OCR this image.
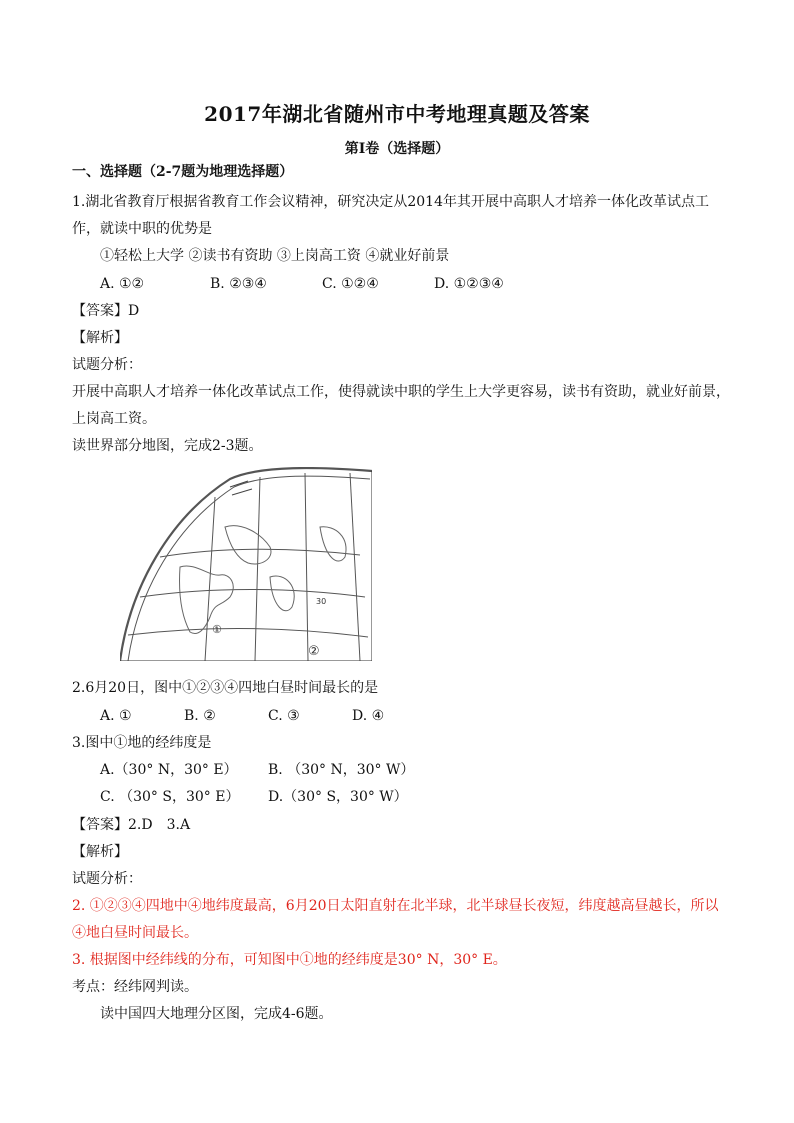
2017年湖北省随州市中考地理真题及答案
第Ⅰ卷（选择题）
一、选择题（2-7题为地理选择题）
1.湖北省教育厅根据省教育工作会议精神，研究决定从2014年其开展中高职人才培养一体化改革试点工
作，就读中职的优势是
①轻松上大学 ②读书有资助 ③上岗高工资 ④就业好前景
A. ①②	B. ②③④	C. ①②④	D. ①②③④
【答案】D
【解析】
试题分析：
开展中高职人才培养一体化改革试点工作，使得就读中职的学生上大学更容易，读书有资助，就业好前景，
上岗高工资。
读世界部分地图，完成2-3题。
30
①
②
2.6月20日，图中①②③④四地白昼时间最长的是
A. ①	B. ②	C. ③	D. ④
3.图中①地的经纬度是
A.（30° N，30° E） B. （30° N，30° W）
C. （30° S，30° E） D.（30° S，30° W）
【答案】2.D　3.A
【解析】
试题分析：
2. ①②③④四地中④地纬度最高，6月20日太阳直射在北半球，北半球昼长夜短，纬度越高昼越长，所以
④地白昼时间最长。
3. 根据图中经纬线的分布，可知图中①地的经纬度是30° N，30° E。
考点：经纬网判读。
读中国四大地理分区图，完成4-6题。
